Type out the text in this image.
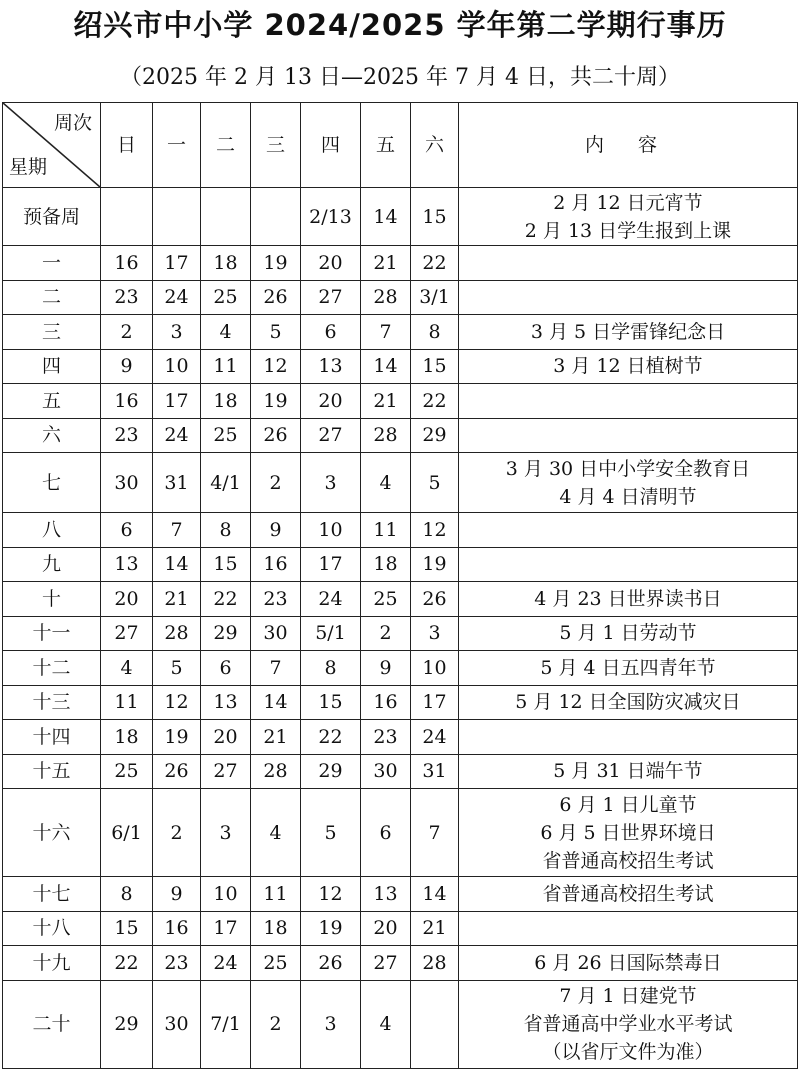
绍兴市中小学 2024/2025 学年第二学期行事历
（2025 年 2 月 13 日—2025 年 7 月 4 日，共二十周）
周次
星期	日	一	二	三	四	五	六	内 容
预备周					2/13	14	15	2 月 12 日元宵节
2 月 13 日学生报到上课

一	16	17	18	19	20	21	22	
二	23	24	25	26	27	28	3/1	
三	2	3	4	5	6	7	8	3 月 5 日学雷锋纪念日

四	9	10	11	12	13	14	15	3 月 12 日植树节

五	16	17	18	19	20	21	22	
六	23	24	25	26	27	28	29	
七	30	31	4/1	2	3	4	5	3 月 30 日中小学安全教育日
4 月 4 日清明节

八	6	7	8	9	10	11	12	
九	13	14	15	16	17	18	19	
十	20	21	22	23	24	25	26	4 月 23 日世界读书日

十一	27	28	29	30	5/1	2	3	5 月 1 日劳动节

十二	4	5	6	7	8	9	10	5 月 4 日五四青年节

十三	11	12	13	14	15	16	17	5 月 12 日全国防灾减灾日

十四	18	19	20	21	22	23	24	
十五	25	26	27	28	29	30	31	5 月 31 日端午节

十六	6/1	2	3	4	5	6	7	6 月 1 日儿童节
6 月 5 日世界环境日
省普通高校招生考试

十七	8	9	10	11	12	13	14	省普通高校招生考试

十八	15	16	17	18	19	20	21	
十九	22	23	24	25	26	27	28	6 月 26 日国际禁毒日

二十	29	30	7/1	2	3	4		7 月 1 日建党节
省普通高中学业水平考试
（以省厅文件为准）
